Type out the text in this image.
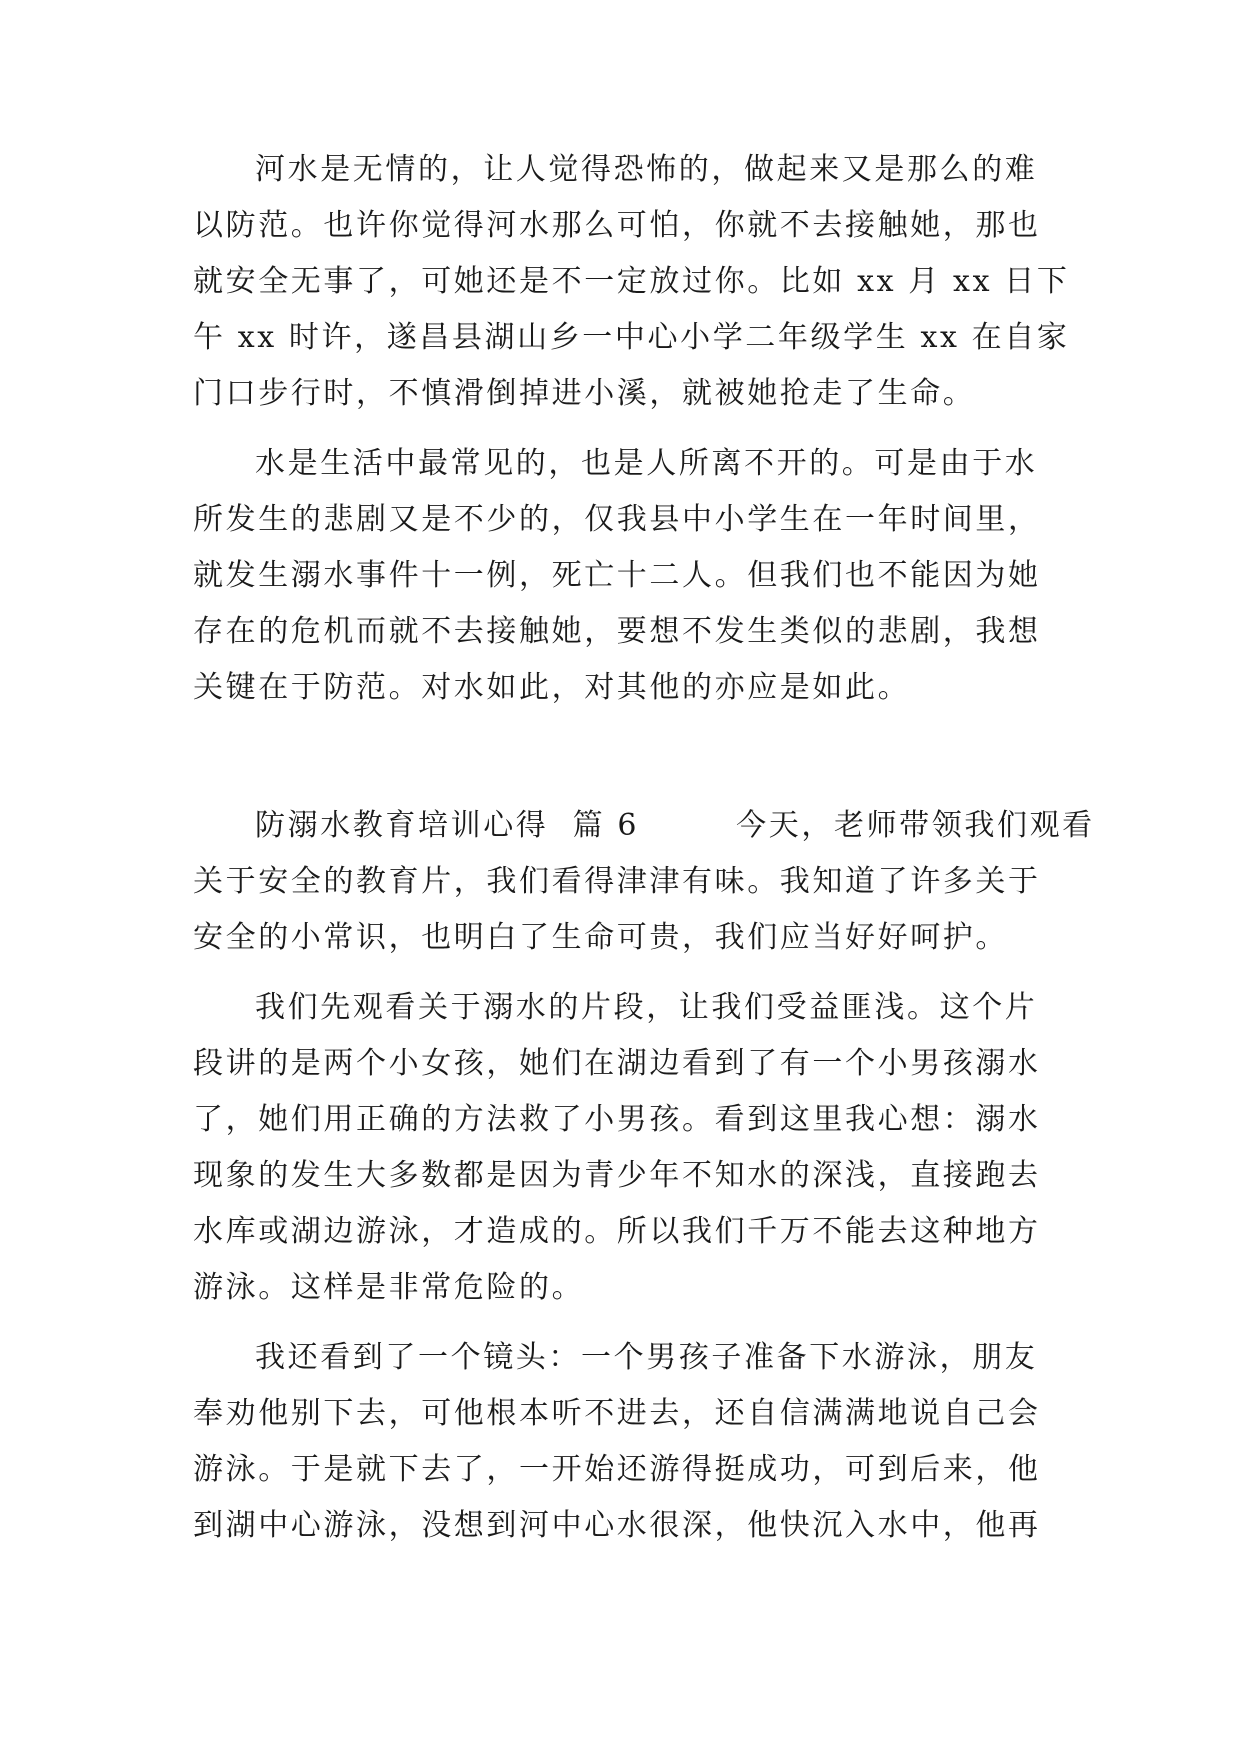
河水是无情的，让人觉得恐怖的，做起来又是那么的难
以防范。也许你觉得河水那么可怕，你就不去接触她，那也
就安全无事了，可她还是不一定放过你。比如 xx 月 xx 日下
午 xx 时许，遂昌县湖山乡一中心小学二年级学生 xx 在自家
门口步行时，不慎滑倒掉进小溪，就被她抢走了生命。
水是生活中最常见的，也是人所离不开的。可是由于水
所发生的悲剧又是不少的，仅我县中小学生在一年时间里，
就发生溺水事件十一例，死亡十二人。但我们也不能因为她
存在的危机而就不去接触她，要想不发生类似的悲剧，我想
关键在于防范。对水如此，对其他的亦应是如此。
防溺水教育培训心得  篇 6        今天，老师带领我们观看
关于安全的教育片，我们看得津津有味。我知道了许多关于
安全的小常识，也明白了生命可贵，我们应当好好呵护。
我们先观看关于溺水的片段，让我们受益匪浅。这个片
段讲的是两个小女孩，她们在湖边看到了有一个小男孩溺水
了，她们用正确的方法救了小男孩。看到这里我心想：溺水
现象的发生大多数都是因为青少年不知水的深浅，直接跑去
水库或湖边游泳，才造成的。所以我们千万不能去这种地方
游泳。这样是非常危险的。
我还看到了一个镜头：一个男孩子准备下水游泳，朋友
奉劝他别下去，可他根本听不进去，还自信满满地说自己会
游泳。于是就下去了，一开始还游得挺成功，可到后来，他
到湖中心游泳，没想到河中心水很深，他快沉入水中，他再
